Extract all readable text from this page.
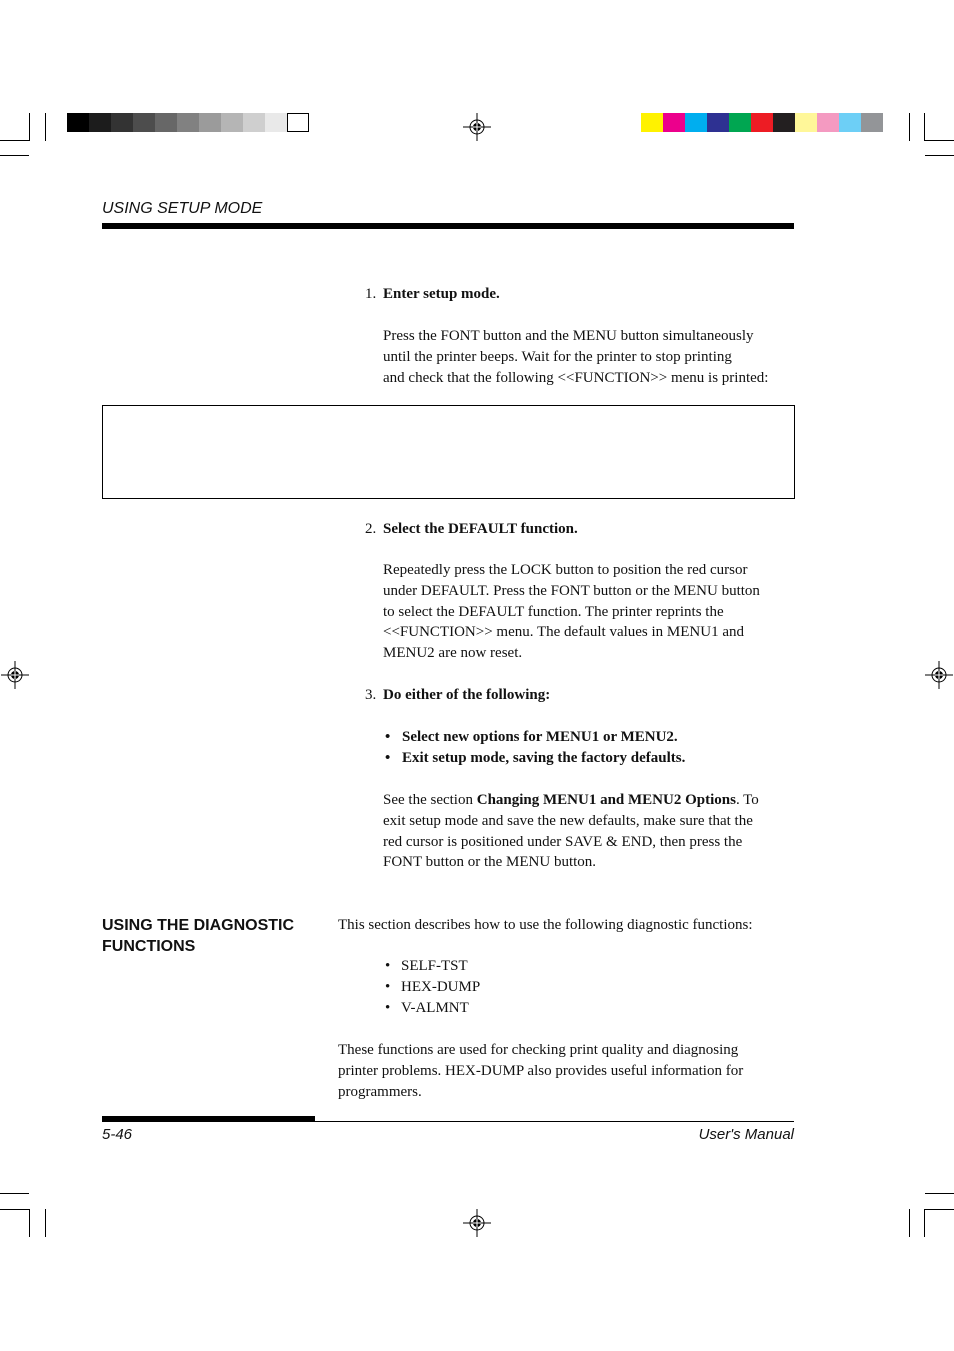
USING SETUP MODE
1. Enter setup mode.

Press the FONT button and the MENU button simultaneously

until the printer beeps. Wait for the printer to stop printing

and check that the following <<FUNCTION>> menu is printed:

2. Select the DEFAULT function.

Repeatedly press the LOCK button to position the red cursor

under DEFAULT. Press the FONT button or the MENU button

to select the DEFAULT function. The printer reprints the

<<FUNCTION>> menu. The default values in MENU1 and

MENU2 are now reset.

3. Do either of the following:
• Select new options for MENU1 or MENU2.
• Exit setup mode, saving the factory defaults.

See the section Changing MENU1 and MENU2 Options. To

exit setup mode and save the new defaults, make sure that the

red cursor is positioned under SAVE & END, then press the

FONT button or the MENU button.

USING THE DIAGNOSTIC

FUNCTIONS

This section describes how to use the following diagnostic functions:
• SELF-TST
• HEX-DUMP
• V-ALMNT

These functions are used for checking print quality and diagnosing

printer problems. HEX-DUMP also provides useful information for

programmers.

5-46	User's Manual
